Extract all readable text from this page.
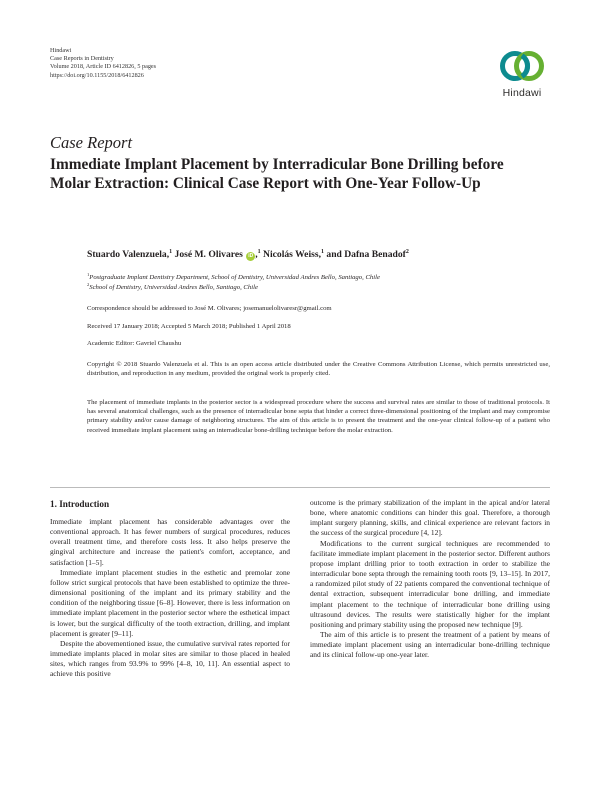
Hindawi
Case Reports in Dentistry
Volume 2018, Article ID 6412826, 5 pages
https://doi.org/10.1155/2018/6412826
Hindawi
Case Report
Immediate Implant Placement by Interradicular Bone Drilling before Molar Extraction: Clinical Case Report with One-Year Follow-Up
Stuardo Valenzuela,$^1$ José M. Olivares iD ,$^1$ Nicolás Weiss,$^1$ and Dafna Benadof$^2$
$^1$Postgraduate Implant Dentistry Department, School of Dentistry, Universidad Andres Bello, Santiago, Chile
$^2$School of Dentistry, Universidad Andres Bello, Santiago, Chile
Correspondence should be addressed to José M. Olivares; josemanuelolivaresr@gmail.com
Received 17 January 2018; Accepted 5 March 2018; Published 1 April 2018
Academic Editor: Gavriel Chaushu
Copyright © 2018 Stuardo Valenzuela et al. This is an open access article distributed under the Creative Commons Attribution License, which permits unrestricted use, distribution, and reproduction in any medium, provided the original work is properly cited.
The placement of immediate implants in the posterior sector is a widespread procedure where the success and survival rates are similar to those of traditional protocols. It has several anatomical challenges, such as the presence of interradicular bone septa that hinder a correct three-dimensional positioning of the implant and may compromise primary stability and/or cause damage of neighboring structures. The aim of this article is to present the treatment and the one-year clinical follow-up of a patient who received immediate implant placement using an interradicular bone-drilling technique before the molar extraction.
1. Introduction

Immediate implant placement has considerable advantages over the conventional approach. It has fewer numbers of surgical procedures, reduces overall treatment time, and therefore costs less. It also helps preserve the gingival architecture and increase the patient's comfort, acceptance, and satisfaction [1–5].

Immediate implant placement studies in the esthetic and premolar zone follow strict surgical protocols that have been established to optimize the three-dimensional positioning of the implant and its primary stability and the condition of the neighboring tissue [6–8]. However, there is less information on immediate implant placement in the posterior sector where the esthetical impact is lower, but the surgical difficulty of the tooth extraction, drilling, and implant placement is greater [9–11].

Despite the abovementioned issue, the cumulative survival rates reported for immediate implants placed in molar sites are similar to those placed in healed sites, which ranges from 93.9% to 99% [4–8, 10, 11]. An essential aspect to achieve this positive

outcome is the primary stabilization of the implant in the apical and/or lateral bone, where anatomic conditions can hinder this goal. Therefore, a thorough implant surgery planning, skills, and clinical experience are relevant factors in the success of the surgical procedure [4, 12].

Modifications to the current surgical techniques are recommended to facilitate immediate implant placement in the posterior sector. Different authors propose implant drilling prior to tooth extraction in order to stabilize the interradicular bone septa through the remaining tooth roots [9, 13–15]. In 2017, a randomized pilot study of 22 patients compared the conventional technique of dental extraction, subsequent interradicular bone drilling, and immediate implant placement to the technique of interradicular bone drilling using ultrasound devices. The results were statistically higher for the implant positioning and primary stability using the proposed new technique [9].

The aim of this article is to present the treatment of a patient by means of immediate implant placement using an interradicular bone-drilling technique and its clinical follow-up one-year later.
